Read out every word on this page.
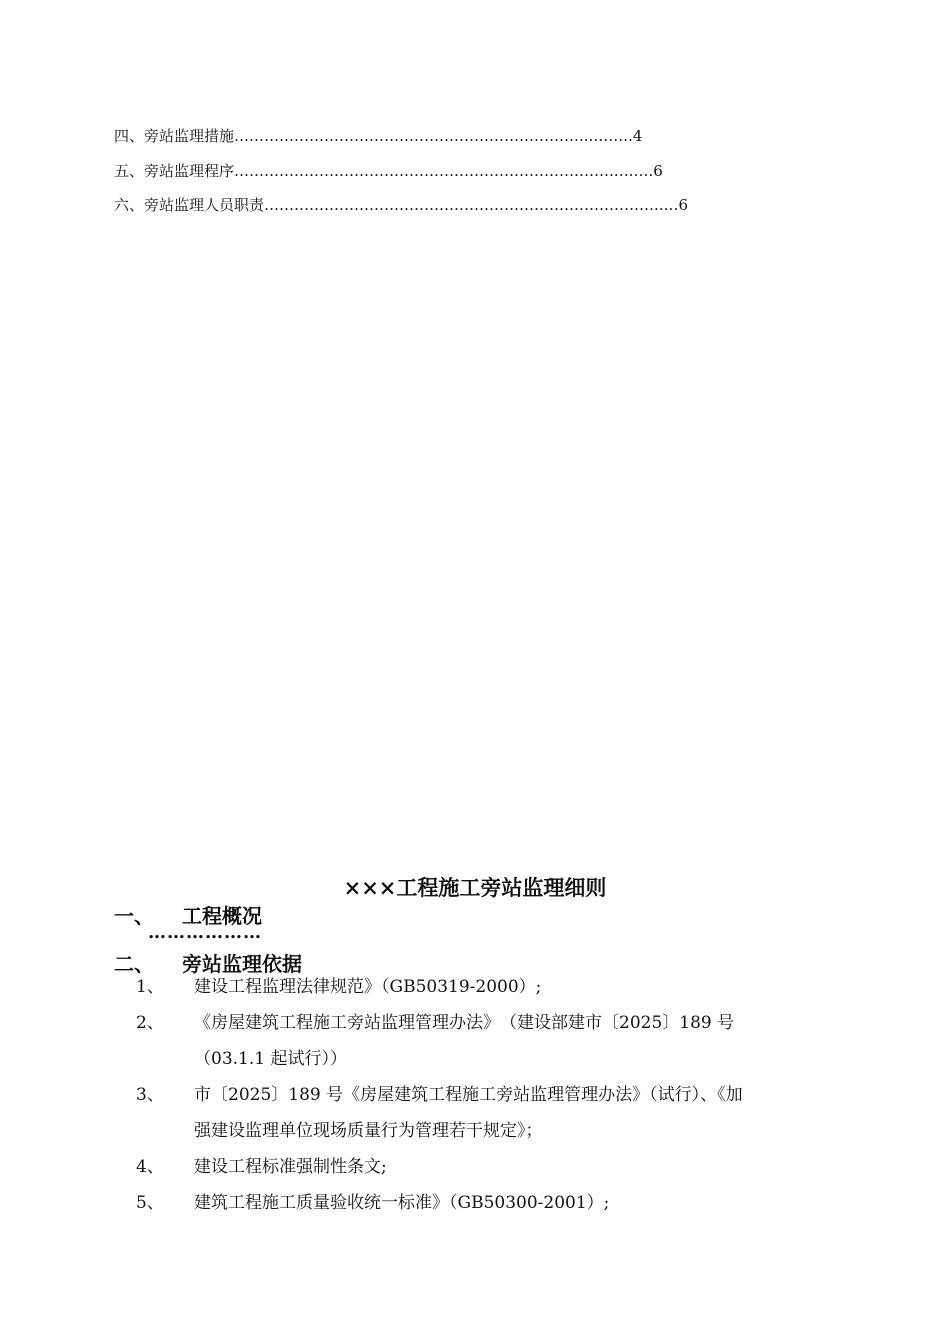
四、旁站监理措施……………………………………………………………...……..4
五、旁站监理程序………………………………………………………………….….….6
六、旁站监理人员职责……………………………………………………………………..…6
×××工程施工旁站监理细则
一、 工程概况
………………
二、 旁站监理依据
1、 建设工程监理法律规范》（GB50319-2000）;
2、 《房屋建筑工程施工旁站监理管理办法》　（建设部建市〔2025〕189 号
（03.1.1 起试行））
3、 市〔2025〕189 号《房屋建筑工程施工旁站监理管理办法》（试行）、《加
强建设监理单位现场质量行为管理若干规定》；
4、 建设工程标准强制性条文;
5、 建筑工程施工质量验收统一标准》（GB50300-2001）;
